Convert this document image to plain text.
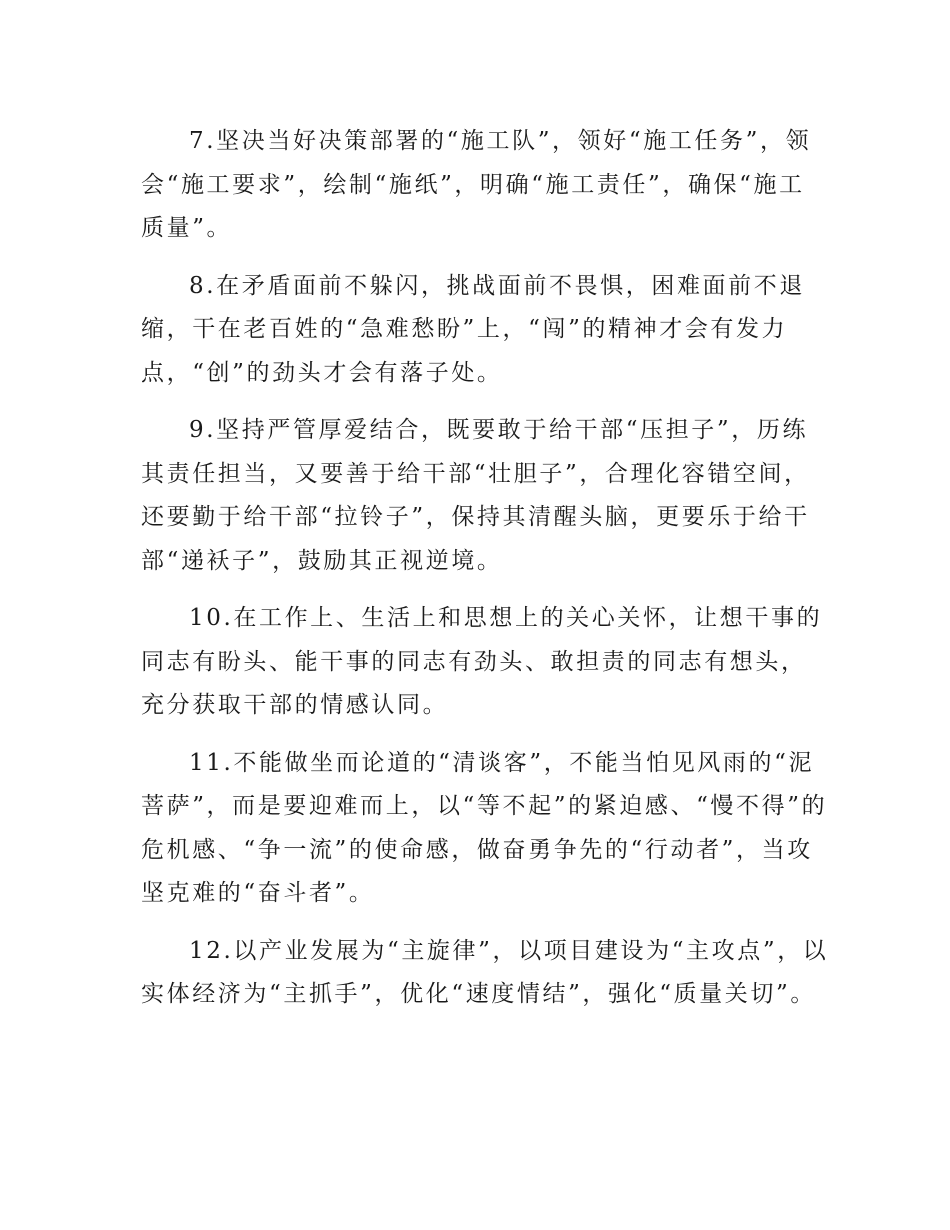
7.坚决当好决策部署的“施工队”，领好“施工任务”，领会“施工要求”，绘制“施纸”，明确“施工责任”，确保“施工质量”。

8.在矛盾面前不躲闪，挑战面前不畏惧，困难面前不退缩，干在老百姓的“急难愁盼”上，“闯”的精神才会有发力点，“创”的劲头才会有落子处。

9.坚持严管厚爱结合，既要敢于给干部“压担子”，历练其责任担当，又要善于给干部“壮胆子”，合理化容错空间，还要勤于给干部“拉铃子”，保持其清醒头脑，更要乐于给干部“递袄子”，鼓励其正视逆境。

10.在工作上、生活上和思想上的关心关怀，让想干事的同志有盼头、能干事的同志有劲头、敢担责的同志有想头，充分获取干部的情感认同。

11.不能做坐而论道的“清谈客”，不能当怕见风雨的“泥菩萨”，而是要迎难而上，以“等不起”的紧迫感、“慢不得”的危机感、“争一流”的使命感，做奋勇争先的“行动者”，当攻坚克难的“奋斗者”。

12.以产业发展为“主旋律”，以项目建设为“主攻点”，以实体经济为“主抓手”，优化“速度情结”，强化“质量关切”。
